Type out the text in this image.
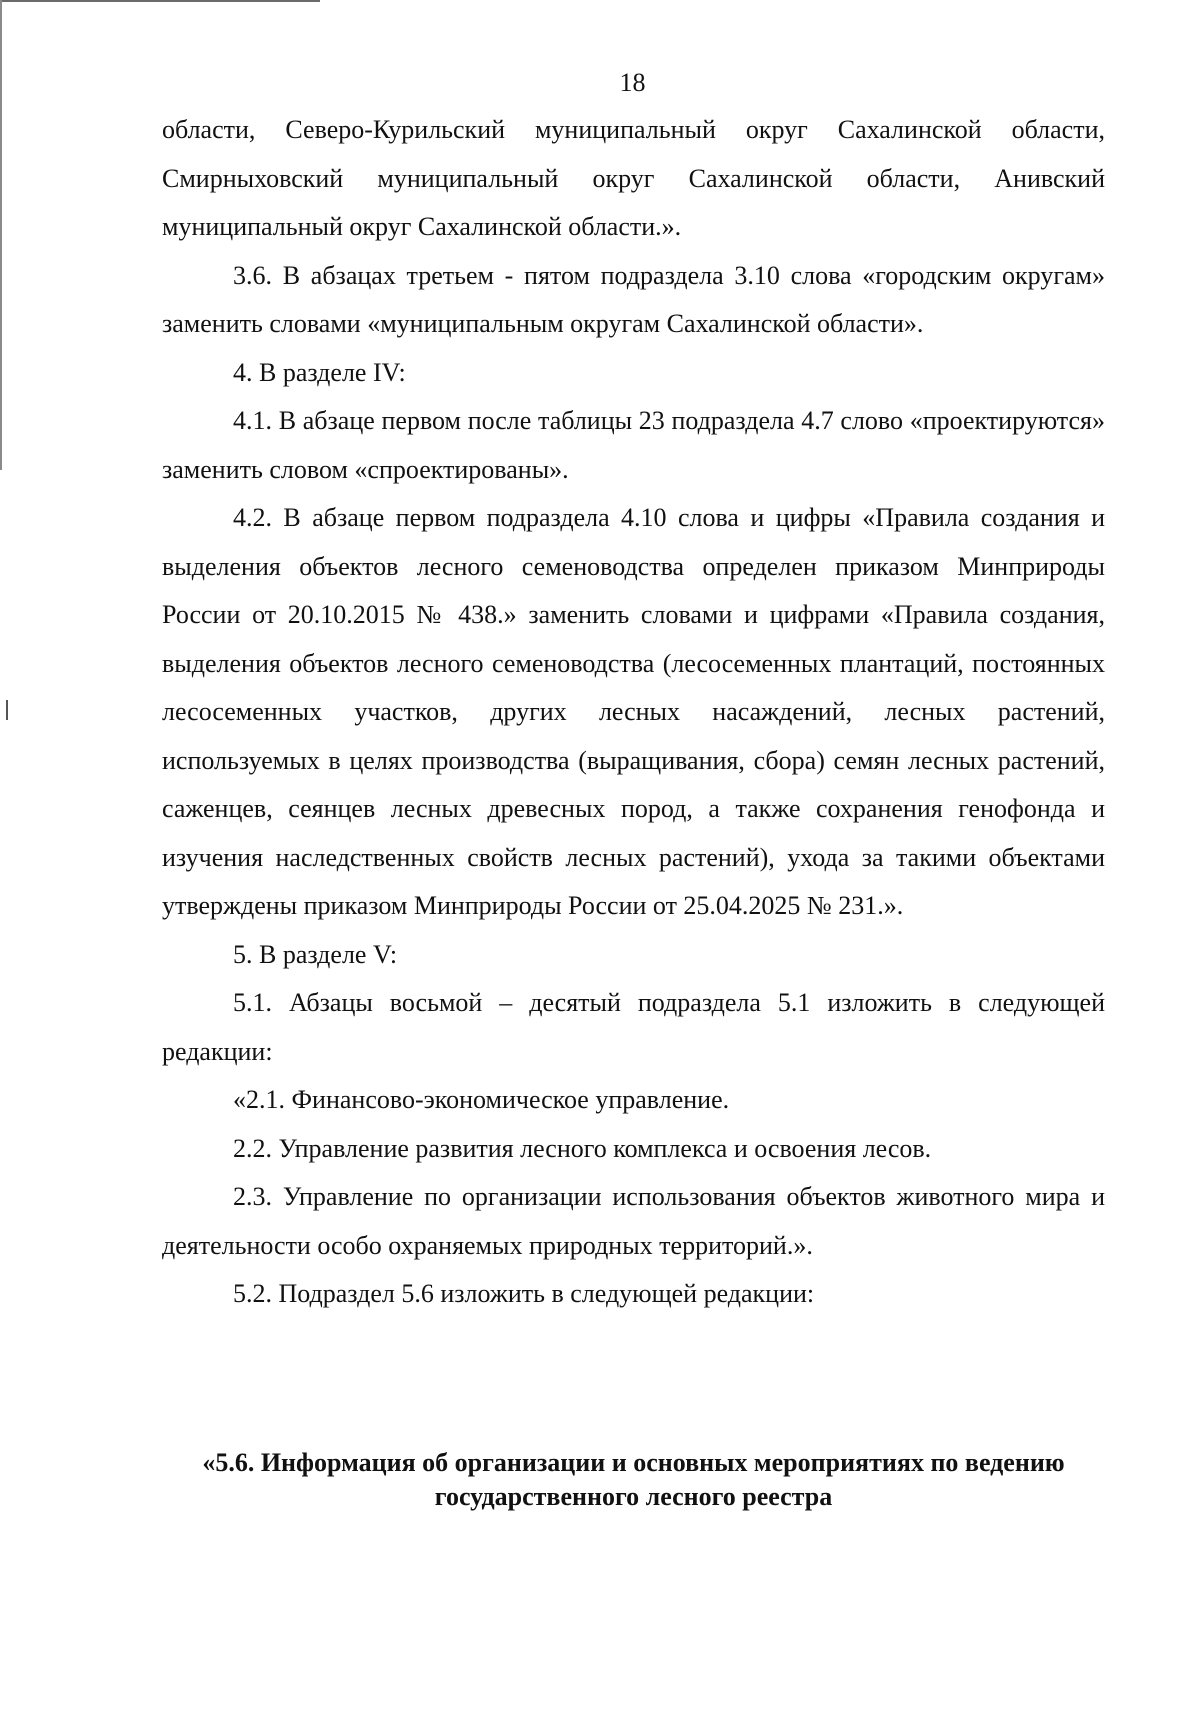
18

области, Северо-Курильский муниципальный округ Сахалинской области, Смирныховский муниципальный округ Сахалинской области, Анивский муниципальный округ Сахалинской области.».

3.6. В абзацах третьем - пятом подраздела 3.10 слова «городским округам» заменить словами «муниципальным округам Сахалинской области».

4. В разделе IV:

4.1. В абзаце первом после таблицы 23 подраздела 4.7 слово «проектируются» заменить словом «спроектированы».

4.2. В абзаце первом подраздела 4.10 слова и цифры «Правила создания и выделения объектов лесного семеноводства определен приказом Минприроды России от 20.10.2015 № 438.» заменить словами и цифрами «Правила создания, выделения объектов лесного семеноводства (лесосеменных плантаций, постоянных лесосеменных участков, других лесных насаждений, лесных растений, используемых в целях производства (выращивания, сбора) семян лесных растений, саженцев, сеянцев лесных древесных пород, а также сохранения генофонда и изучения наследственных свойств лесных растений), ухода за такими объектами утверждены приказом Минприроды России от 25.04.2025 № 231.».

5. В разделе V:

5.1. Абзацы восьмой – десятый подраздела 5.1 изложить в следующей редакции:

«2.1. Финансово-экономическое управление.

2.2. Управление развития лесного комплекса и освоения лесов.

2.3. Управление по организации использования объектов животного мира и деятельности особо охраняемых природных территорий.».

5.2. Подраздел 5.6 изложить в следующей редакции:

«5.6. Информация об организации и основных мероприятиях по ведению
государственного лесного реестра
